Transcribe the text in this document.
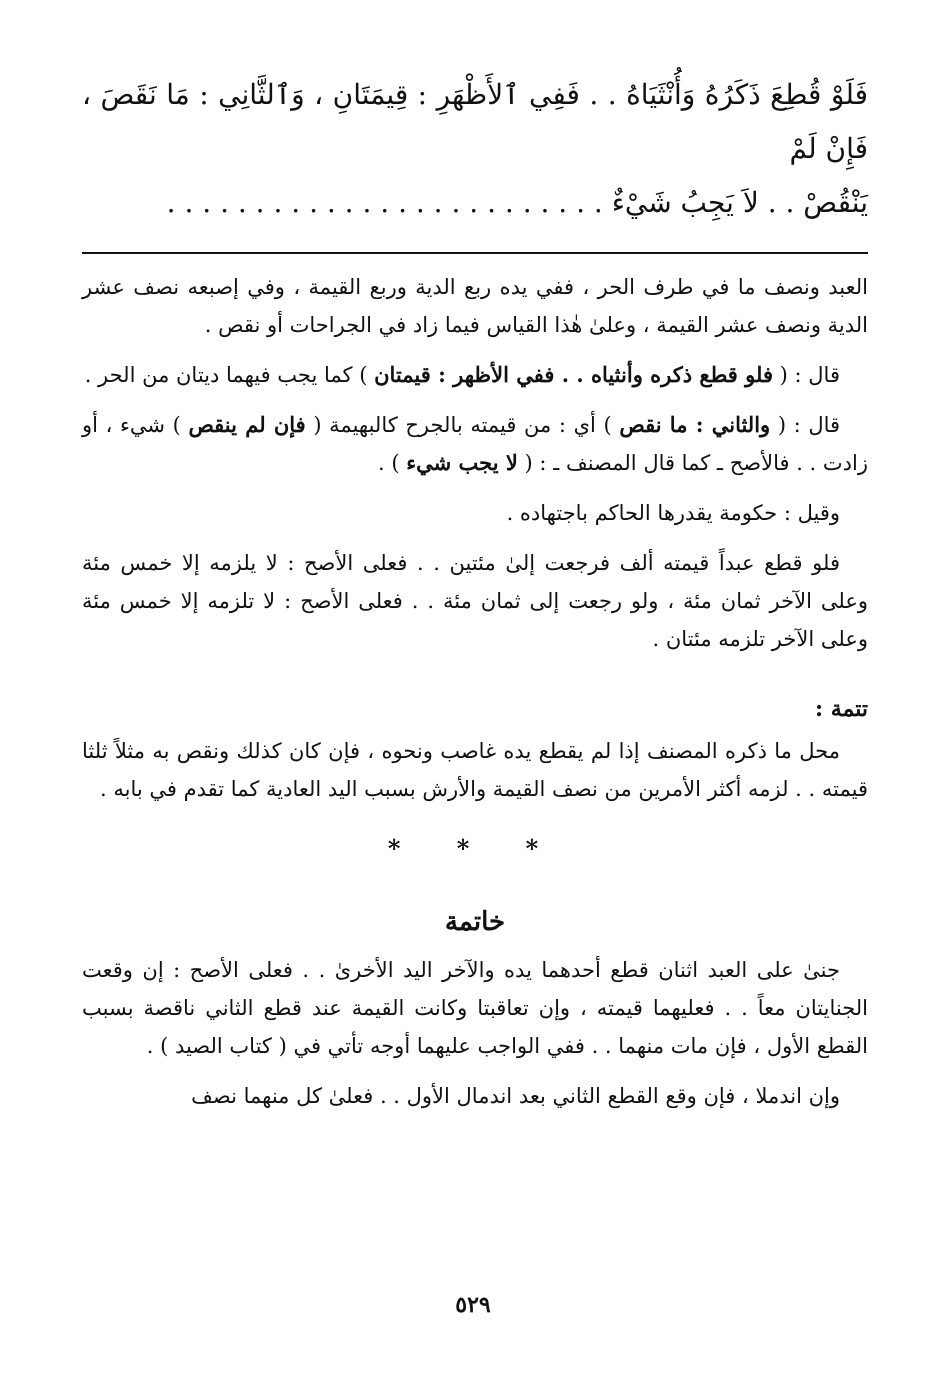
فَلَوْ قُطِعَ ذَكَرُهُ وَأُنْثَيَاهُ . . فَفِي ٱلأَظْهَرِ : قِيمَتَانِ ، وَٱلثَّانِي : مَا نَقَصَ ، فَإِنْ لَمْ
يَنْقُصْ . . لاَ يَجِبُ شَيْءٌ . . . . . . . . . . . . . . . . . . . . . . . . .

العبد ونصف ما في طرف الحر ، ففي يده ربع الدية وربع القيمة ، وفي إصبعه نصف عشر الدية ونصف عشر القيمة ، وعلىٰ هٰذا القياس فيما زاد في الجراحات أو نقص .

قال : ( فلو قطع ذكره وأنثياه . . ففي الأظهر : قيمتان ) كما يجب فيهما ديتان من الحر .

قال : ( والثاني : ما نقص ) أي : من قيمته بالجرح كالبهيمة ( فإن لم ينقص ) شيء ، أو زادت . . فالأصح ـ كما قال المصنف ـ : ( لا يجب شيء ) .

وقيل : حكومة يقدرها الحاكم باجتهاده .

فلو قطع عبداً قيمته ألف فرجعت إلىٰ مئتين . . فعلى الأصح : لا يلزمه إلا خمس مئة وعلى الآخر ثمان مئة ، ولو رجعت إلى ثمان مئة . . فعلى الأصح : لا تلزمه إلا خمس مئة وعلى الآخر تلزمه مئتان .

تتمة :

محل ما ذكره المصنف إذا لم يقطع يده غاصب ونحوه ، فإن كان كذلك ونقص به مثلاً ثلثا قيمته . . لزمه أكثر الأمرين من نصف القيمة والأرش بسبب اليد العادية كما تقدم في بابه .

* * *
خاتمة

جنىٰ على العبد اثنان قطع أحدهما يده والآخر اليد الأخرىٰ . . فعلى الأصح : إن وقعت الجنايتان معاً . . فعليهما قيمته ، وإن تعاقبتا وكانت القيمة عند قطع الثاني ناقصة بسبب القطع الأول ، فإن مات منهما . . ففي الواجب عليهما أوجه تأتي في ( كتاب الصيد ) .

وإن اندملا ، فإن وقع القطع الثاني بعد اندمال الأول . . فعلىٰ كل منهما نصف

٥٢٩
